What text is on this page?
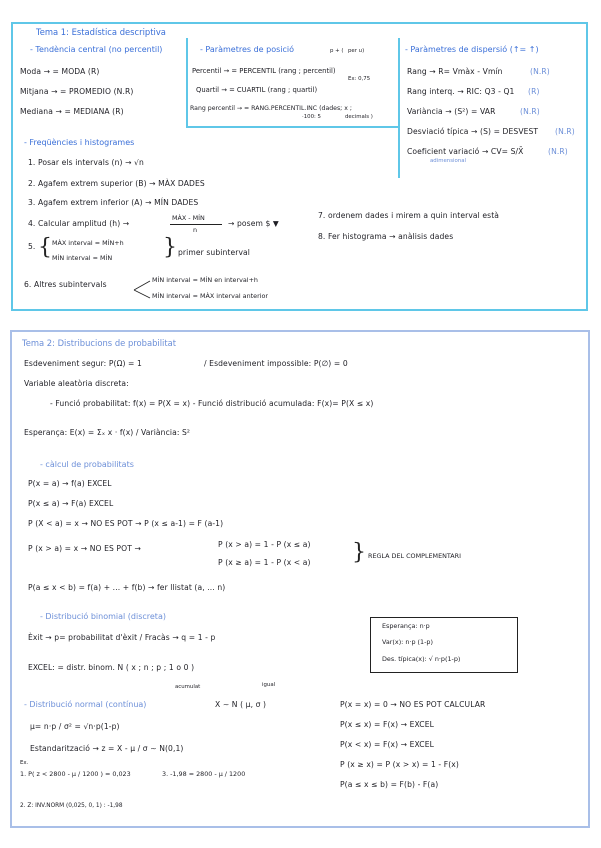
Tema 1: Estadística descriptiva
- Tendència central (no percentil)
Moda → = MODA (R)
Mitjana → = PROMEDIO (N.R)
Mediana → = MEDIANA (R)
- Paràmetres de posició	p + ( per u)
Percentil → = PERCENTIL (rang ; percentil)
Ex: 0,75
Quartil → = CUARTIL (rang ; quartil)
Rang percentil → = RANG.PERCENTIL.INC (dades; x ;
·100: 5	decimals )
- Paràmetres de dispersió (↑= ↑)
Rang → R= Vmàx - Vmín	(N.R)
Rang interq. → RIC: Q3 - Q1 (R)
Variància → (S²) = VAR	(N.R)
Desviació típica → (S) = DESVEST (N.R)
Coeficient variació → CV= S/X̄	(N.R)
adimensional
- Freqüències i histogrames
1. Posar els intervals (n) → √n
2. Agafem extrem superior (B) → MÀX DADES
3. Agafem extrem inferior (A) → MÍN DADES
4. Calcular amplitud (h) →
MÀX - MÍN
n
→ posem $ ▼
7. ordenem dades i mirem a quin interval està
8. Fer histograma → anàlisis dades
5. { MÀX interval = MÍN+h
MÍN interval = MÍN } primer subinterval
6. Altres subintervals	MÍN interval = MÍN en interval+h
MÍN interval = MÀX interval anterior
Tema 2: Distribucions de probabilitat
Esdeveniment segur: P(Ω) = 1	/ Esdeveniment impossible: P(∅) = 0
Variable aleatòria discreta:
- Funció probabilitat: f(x) = P(X = x) - Funció distribució acumulada: F(x)= P(X ≤ x)
Esperança: E(x) = Σₓ x · f(x) / Variància: S²
- càlcul de probabilitats
P(x = a) → f(a) EXCEL
P(x ≤ a) → F(a) EXCEL
P (X < a) = x → NO ES POT → P (x ≤ a-1) = F (a-1)
P (x > a) = x → NO ES POT →	P (x > a) = 1 - P (x ≤ a)
P (x ≥ a) = 1 - P (x < a) } REGLA DEL COMPLEMENTARI
P(a ≤ x < b) = f(a) + ... + f(b) → fer llistat (a, ... n)
- Distribució binomial (discreta)
Èxit → p= probabilitat d'èxit / Fracàs → q = 1 - p
EXCEL: = distr. binom. N ( x ; n ; p ; 1 o 0 )
acumulat	igual
Esperança: n·p
Var(x): n·p (1-p)
Des. típica(x): √ n·p(1-p)
- Distribució normal (contínua)	X ∼ N ( μ, σ )
μ= n·p / σ² = √n·p(1-p)
Estandarització → z = X - μ / σ ∼ N(0,1)
Ex.
1. P( z < 2800 - μ / 1200 ) = 0,023	3. -1,98 = 2800 - μ / 1200
2. Z: INV.NORM (0,025, 0, 1) : -1,98
P(x = x) = 0 → NO ES POT CALCULAR
P(x ≤ x) = F(x) → EXCEL
P(x < x) = F(x) → EXCEL
P (x ≥ x) = P (x > x) = 1 - F(x)
P(a ≤ x ≤ b) = F(b) - F(a)
